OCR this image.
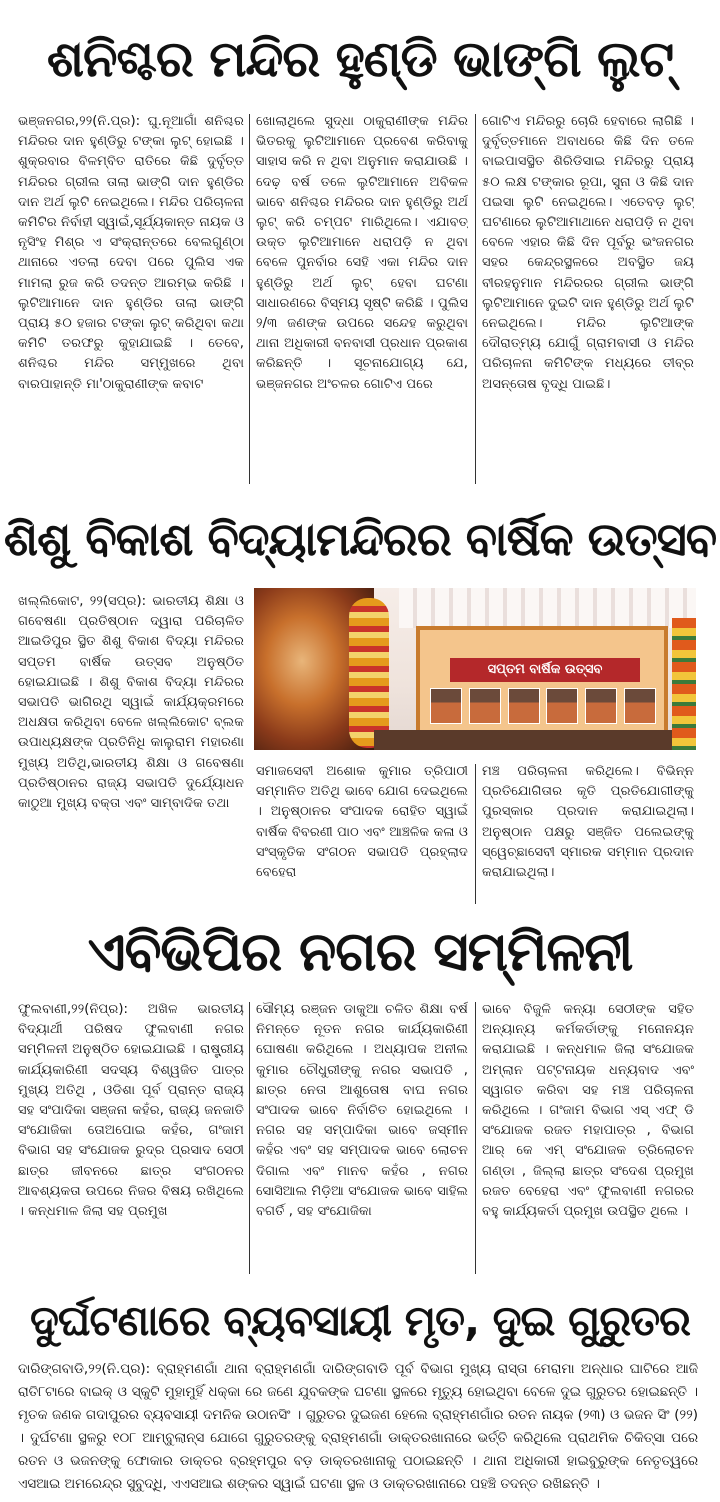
ଶନିଶ୍ଚର ମନ୍ଦିର ହୁଣ୍ଡି ଭାଙ୍ଗି ଲୁଟ୍
ଭଞ୍ଜନଗର,୨୨(ନି.ପ୍ର): ଘୁ.ନୂଆଗାଁ ଶନିଶ୍ଚର ମନ୍ଦିରର ଦାନ ହୁଣ୍ଡିରୁ ଟଙ୍କା ଲୁଟ୍ ହୋଇଛି । ଶୁକ୍ରବାର ବିଳମ୍ବିତ ରାତିରେ କିଛି ଦୁର୍ବୃତ୍ତ ମନ୍ଦିରର ଗ୍ରୀଲ ତାଲା ଭାଙ୍ଗି ଦାନ ହୁଣ୍ଡିର ଦାନ ଅର୍ଥ ଲୁଟି ନେଇଥିଲେ। ମନ୍ଦିର ପରିଚାଳନା କମିଟିର ନିର୍ବାହୀ ସ୍ୱାଇଁ,ସୂର୍ଯ୍ୟକାନ୍ତ ନାୟକ ଓ ନୃସିଂହ ମିଶ୍ର ଏ ସଂକ୍ରାନ୍ତରେ ବେଲଗୁଣ୍ଠା ଥାନାରେ ଏତଲା ଦେବା ପରେ ପୁଲିସ ଏକ ମାମଲା ରୁଜ କରି ତଦନ୍ତ ଆରମ୍ଭ କରିଛି । ଲୁଟିଆମାନେ ଦାନ ହୁଣ୍ଡିର ତାଲା ଭାଙ୍ଗି ପ୍ରାୟ ୫୦ ହଜାର ଟଙ୍କା ଲୁଟ୍ କରିଥିବା କଥା କମିଟି ତରଫରୁ କୁହାଯାଇଛି । ତେବେ, ଶନିଶ୍ଚର ମନ୍ଦିର ସମ୍ମୁଖରେ ଥିବା ବାରପାହାନ୍ତି ମା'ଠାକୁରାଣୀଙ୍କ କବାଟ
ଖୋଲାଥିଲେ ସୁଦ୍ଧା ଠାକୁରାଣୀଙ୍କ ମନ୍ଦିର ଭିତରକୁ ଲୁଟିଆମାନେ ପ୍ରବେଶ କରିବାକୁ ସାହାସ କରି ନ ଥିବା ଅନୁମାନ କରାଯାଉଛି । ଦେଢ଼ ବର୍ଷ ତଳେ ଲୁଟିଆମାନେ ଅବିକଳ ଭାବେ ଶନିଶ୍ଚର ମନ୍ଦିରର ଦାନ ହୁଣ୍ଡିରୁ ଅର୍ଥ ଲୁଟ୍ କରି ଚମ୍ପଟ ମାରିଥିଲେ। ଏଯାବତ୍ ଉକ୍ତ ଲୁଟିଆମାନେ ଧରାପଡ଼ି ନ ଥିବା ବେଳେ ପୁନର୍ବାର ସେହି ଏକା ମନ୍ଦିର ଦାନ ହୁଣ୍ଡିରୁ ଅର୍ଥ ଲୁଟ୍ ହେବା ଘଟଣା ସାଧାରଣରେ ବିସ୍ମୟ ସୃଷ୍ଟି କରିଛି । ପୁଲିସ ୨/୩ ଜଣଙ୍କ ଉପରେ ସନ୍ଦେହ କରୁଥିବା ଥାନା ଅଧିକାରୀ ବନବାସୀ ପ୍ରଧାନ ପ୍ରକାଶ କରିଛନ୍ତି । ସୂଚନାଯୋଗ୍ୟ ଯେ, ଭଞ୍ଜନଗର ଅଂଚଳର ଗୋଟିଏ ପରେ
ଗୋଟିଏ ମନ୍ଦିରରୁ ଚୋରି ହେବାରେ ଲାଗିଛି । ଦୁର୍ବୃତ୍ତମାନେ ଅବାଧରେ କିଛି ଦିନ ତଳେ ବାଇପାସସ୍ଥିତ ଶିରିଡିସାଇ ମନ୍ଦିରରୁ ପ୍ରାୟ ୫୦ ଲକ୍ଷ ଟଙ୍କାର ରୂପା, ସୁନା ଓ କିଛି ଦାନ ପଇସା ଲୁଟି ନେଇଥିଲେ। ଏତେବଡ଼ ଲୁଟ୍ ଘଟଣାରେ ଲୁଟିଆମାଥାନେ ଧରାପଡ଼ି ନ ଥିବା ବେଳେ ଏହାର କିଛି ଦିନ ପୂର୍ବରୁ ଭଂଜନଗର ସହର କେନ୍ଦ୍ରସ୍ଥଳରେ ଅବସ୍ଥିତ ଜୟ ବୀରହନୁମାନ ମନ୍ଦିରରର ଗ୍ରୀଲ ଭାଙ୍ଗି ଲୁଟିଆମାନେ ଦୁଇଟି ଦାନ ହୁଣ୍ଡିରୁ ଅର୍ଥ ଲୁଟି ନେଇଥିଲେ। ମନ୍ଦିର ଲୁଟିଆଙ୍କ ଦୌରାତ୍ମ୍ୟ ଯୋଗୁଁ ଗ୍ରାମବାସୀ ଓ ମନ୍ଦିର ପରିଚାଳନା କମିଟିଙ୍କ ମଧ୍ୟରେ ତୀବ୍ର ଅସନ୍ତୋଷ ବୃଦ୍ଧି ପାଇଛି।
ଶିଶୁ ବିକାଶ ବିଦ୍ୟାମନ୍ଦିରର ବାର୍ଷିକ ଉତ୍ସବ
ଖଲ୍ଲିକୋଟ, ୨୨(ସପ୍ର): ଭାରତୀୟ ଶିକ୍ଷା ଓ ଗବେଷଣା ପ୍ରତିଷ୍ଠାନ ଦ୍ୱାରା ପରିଚାଳିତ ଆଇଡିପୁର ସ୍ଥିତ ଶିଶୁ ବିକାଶ ବିଦ୍ୟା ମନ୍ଦିରର ସପ୍ତମ ବାର୍ଷିକ ଉତ୍ସବ ଅନୁଷ୍ଠିତ ହୋଇଯାଇଛି । ଶିଶୁ ବିକାଶ ବିଦ୍ୟା ମନ୍ଦିରର ସଭାପତି ଭାଗିରଥି ସ୍ୱାଇଁ କାର୍ଯ୍ୟକ୍ରମରେ ଅଧକ୍ଷତା କରିଥିବା ବେଳେ ଖଲ୍ଲିକୋଟ ବ୍ଲକ ଉପାଧ୍ୟକ୍ଷଙ୍କ ପ୍ରତିନିଧି କାଲୁରାମ ମହାରଣା ମୁଖ୍ୟ ଅତିଥି,ଭାରତୀୟ ଶିକ୍ଷା ଓ ଗବେଷଣା ପ୍ରତିଷ୍ଠାନର ରାଜ୍ୟ ସଭାପତି ଦୁର୍ଯ୍ୟୋଧନ କାଠୁଆ ମୁଖ୍ୟ ବକ୍ତା ଏବଂ ସାମ୍ବାଦିକ ତଥା
ସପ୍ତମ ବାର୍ଷିକ ଉତ୍ସବ
ସମାଜସେବୀ ଅଶୋକ କୁମାର ତ୍ରିପାଠୀ ସମ୍ମାନିତ ଅତିଥି ଭାବେ ଯୋଗ ଦେଇଥିଲେ । ଅନୁଷ୍ଠାନର ସଂପାଦକ ରୋହିତ ସ୍ୱାଇଁ ବାର୍ଷିକ ବିବରଣୀ ପାଠ ଏବଂ ଆଞ୍ଚଳିକ କଳା ଓ ସଂସ୍କୃତିକ ସଂଗଠନ ସଭାପତି ପ୍ରହ୍ଲାଦ ବେହେରା
ମଞ୍ଚ ପରିଚାଳନା କରିଥିଲେ। ବିଭିନ୍ନ ପ୍ରତିଯୋଗିତାର କୃତି ପ୍ରତିଯୋଗୀଙ୍କୁ ପୁରସ୍କାର ପ୍ରଦାନ କରାଯାଇଥିଲା।ଅନୁଷ୍ଠାନ ପକ୍ଷରୁ ସଞ୍ଜିତ ପଲେଇଙ୍କୁ ସ୍ୱେଚ୍ଛାସେବୀ ସ୍ମାରକ ସମ୍ମାନ ପ୍ରଦାନ କରାଯାଇଥିଲା।
ଏବିଭିପିର ନଗର ସମ୍ମିଳନୀ
ଫୁଲବାଣୀ,୨୨(ନିପ୍ର): ଅଖିଳ ଭାରତୀୟ ବିଦ୍ୟାର୍ଥୀ ପରିଷଦ ଫୁଲବାଣୀ ନଗର ସମ୍ମିଳନୀ ଅନୁଷ୍ଠିତ ହୋଇଯାଇଛି । ରାଷ୍ଟ୍ରୀୟ କାର୍ଯ୍ୟକାରିଣୀ ସଦସ୍ୟ ବିଶ୍ୱଜିତ ପାତ୍ର ମୁଖ୍ୟ ଅତିଥି , ଓଡିଶା ପୂର୍ବ ପ୍ରାନ୍ତ ରାଜ୍ୟ ସହ ସଂପାଦିକା ସଞ୍ଜନା କହଁର, ରାଜ୍ୟ ଜନଜାତି ସଂଯୋଜିକା ତୋଅପୋଇ କହଁର, ଗଂଜାମ ବିଭାଗ ସହ ସଂଯୋଜକ ରୁଦ୍ର ପ୍ରସାଦ ସେଠୀ ଛାତ୍ର ଜୀବନରେ ଛାତ୍ର ସଂଗଠନର ଆବଶ୍ୟକତା ଉପରେ ନିଜର ବିଷୟ ରଖିଥିଲେ । କନ୍ଧମାଳ ଜିଲା ସହ ପ୍ରମୁଖ
ସୌମ୍ୟ ରଞ୍ଜନ ଡାକୁଆ ଚଳିତ ଶିକ୍ଷା ବର୍ଷ ନିମନ୍ତେ ନୂତନ ନଗର କାର୍ଯ୍ୟକାରିଣୀ ଘୋଷଣା କରିଥିଲେ । ଅଧ୍ୟାପକ ଅନୀଲ କୁମାର ଚୌଧୁରୀଙ୍କୁ ନଗର ସଭାପତି , ଛାତ୍ର ନେତା ଆଶୁତୋଷ ବାଘ ନଗର ସଂପାଦକ ଭାବେ ନିର୍ବାଚିତ ହୋଇଥିଲେ । ନଗର ସହ ସମ୍ପାଦିକା ଭାବେ ଜସ୍ମୀନ କହଁର ଏବଂ ସହ ସମ୍ପାଦକ ଭାବେ ଲୋଚନ ଦିଗାଲ ଏବଂ ମାନବ କହଁର , ନଗର ସୋସିଆଲ ମିଡ଼ିଆ ସଂଯୋଜକ ଭାବେ ସାହିଲ ବଗର୍ତି , ସହ ସଂଯୋଜିକା
ଭାବେ ବିଜୁଳି କନ୍ୟା ସେଠୀଙ୍କ ସହିତ ଅନ୍ୟାନ୍ୟ କର୍ମକର୍ତାଙ୍କୁ ମନୋନୟନ କରାଯାଇଛି । କନ୍ଧମାଳ ଜିଲା ସଂଯୋଜକ ଅମ୍ଲାନ ପଟ୍ଟନାୟକ ଧନ୍ୟବାଦ ଏବଂ ସ୍ୱାଗତ କରିବା ସହ ମଞ୍ଚ ପରିଚାଳନା କରିଥିଲେ । ଗଂଜାମ ବିଭାଗ ଏସ୍ ଏଫ୍ ଡି ସଂଯୋଜକ ରଜତ ମହାପାତ୍ର , ବିଭାଗ ଆର୍ କେ ଏମ୍ ସଂଯୋଜକ ତ୍ରିଲୋଚନ ଗଣ୍ଡା , ଜିଲ୍ଲା ଛାତ୍ର ସଂଦେଶ ପ୍ରମୁଖ ରଜତ ବେହେରା ଏବଂ ଫୁଲବାଣୀ ନଗରର ବହୁ କାର୍ଯ୍ୟକର୍ତା ପ୍ରମୁଖ ଉପସ୍ଥିତ ଥିଲେ ।
ଦୁର୍ଘଟଣାରେ ବ୍ୟବସାୟୀ ମୃତ, ଦୁଇ ଗୁରୁତର
ଦାରିଙ୍ଗବାଡି,୨୨(ନି.ପ୍ର): ବ୍ରାହ୍ମଣଗାଁ ଥାନା ବ୍ରାହ୍ମଣଗାଁ ଦାରିଙ୍ଗବାଡି ପୂର୍ବ ବିଭାଗ ମୁଖ୍ୟ ରାସ୍ତା ମେରାମା ଅନ୍ଧାର ଘାଟିରେ ଆଜି ରାତି୮ଟାରେ ବାଇକ୍ ଓ ସ୍କୁଟି ମୁହାମୁହିଁ ଧକ୍କା ରେ ଜଣେ ଯୁବକଙ୍କ ଘଟଣା ସ୍ଥଳରେ ମୃତ୍ୟୁ ହୋଇଥିବା ବେଳେ ଦୁଇ ଗୁରୁତର ହୋଇଛନ୍ତି । ମୃତକ ଜଣକ ଗଦାପୁରର ବ୍ୟବସାୟୀ ଦମନିକ ଉଠାନସିଂ । ଗୁରୁତର ଦୁଇଜଣ ହେଲେ ବ୍ରାହ୍ମଣଗାଁର ରତନ ନାୟକ (୨୩) ଓ ଭଜନ ସିଂ (୨୨) । ଦୁର୍ଘଟଣା ସ୍ଥଳରୁ ୧୦୮ ଆମ୍ବୁଲାନ୍ସ ଯୋଗେ ଗୁରୁତରଙ୍କୁ ବ୍ରାହ୍ମଣଗାଁ ଡାକ୍ତରଖାନାରେ ଭର୍ତ୍ତି କରିଥିଲେ ପ୍ରାଥମିକ ଚିକିତ୍ସା ପରେ ରତନ ଓ ଭଜନଙ୍କୁ ଫୋକାର ଡାକ୍ତର ବ୍ରହ୍ମପୁର ବଡ଼ ଡାକ୍ତରଖାନାକୁ ପଠାଇଛନ୍ତି । ଥାନା ଅଧିକାରୀ ହାଇବୁରୁଙ୍କ ନେତୃତ୍ୱରେ ଏସଆଇ ଅମରେନ୍ଦ୍ର ସୁବୁଦ୍ଧି, ଏଏସଆଇ ଶଙ୍କର ସ୍ୱାଇଁ ଘଟଣା ସ୍ଥଳ ଓ ଡାକ୍ତରଖାନାରେ ପହଞ୍ଚି ତଦନ୍ତ ରଖିଛନ୍ତି ।
